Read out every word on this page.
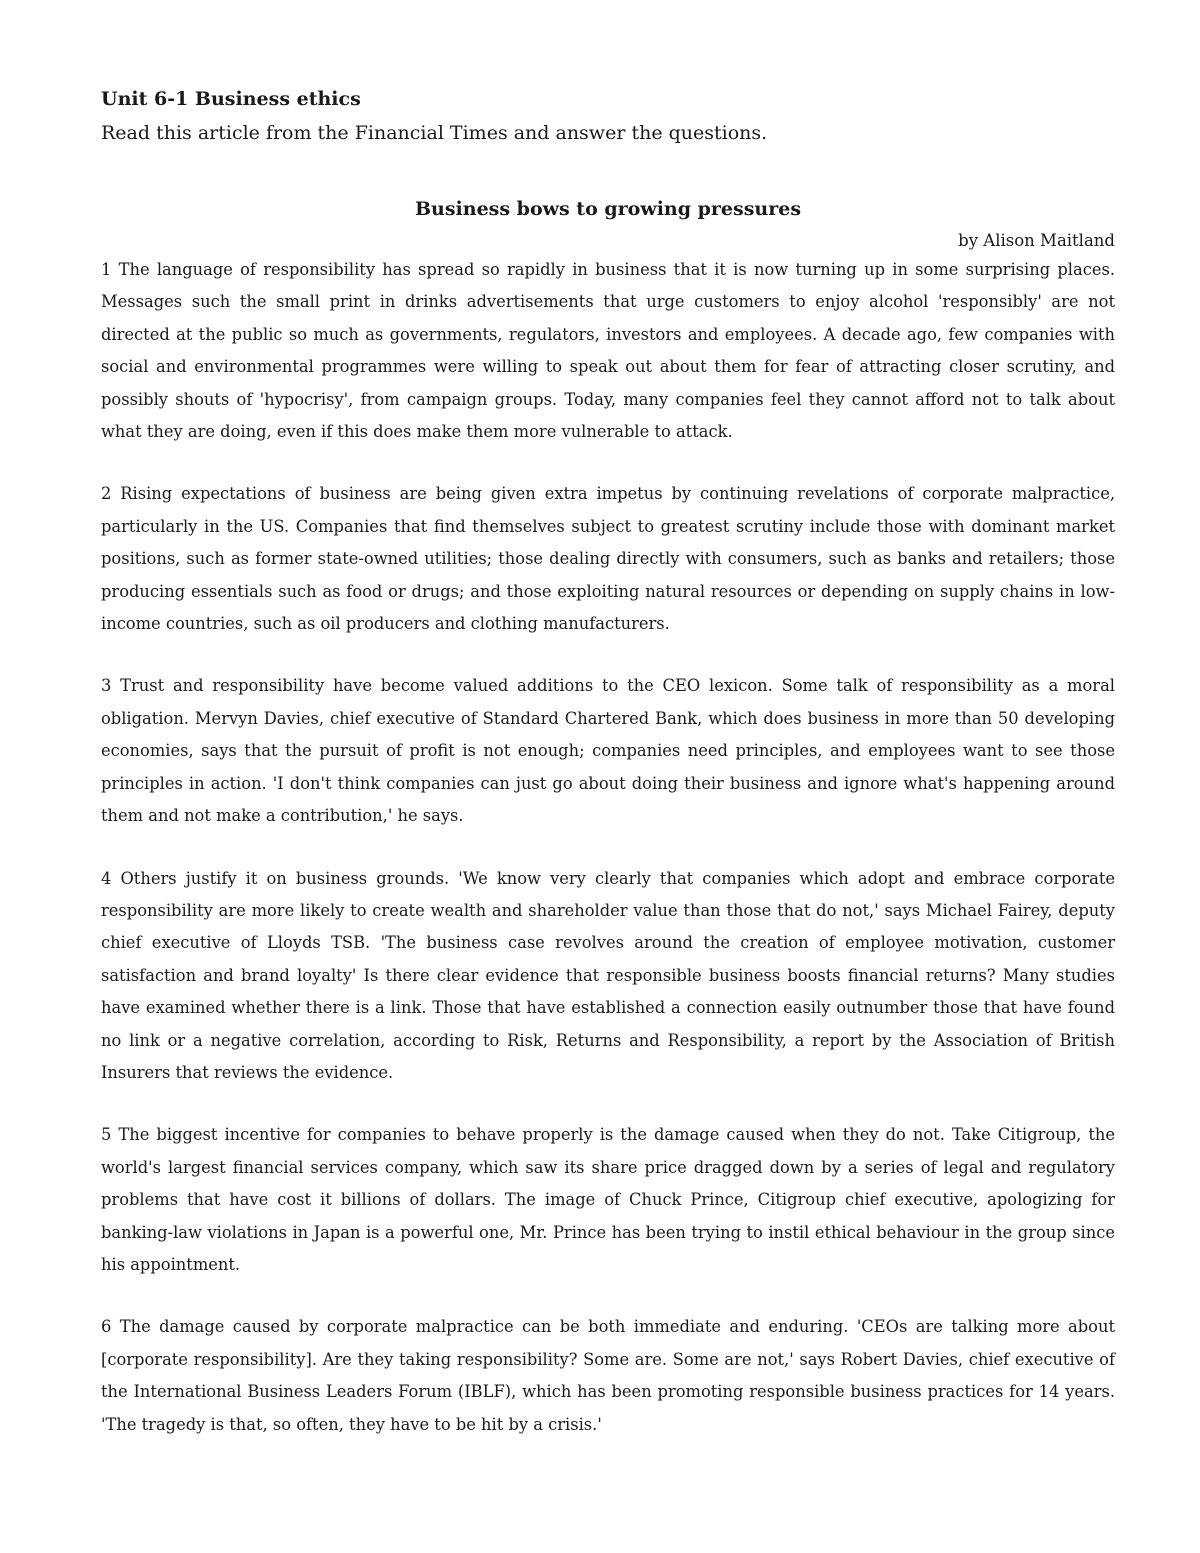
Unit 6-1 Business ethics

Read this article from the Financial Times and answer the questions.

Business bows to growing pressures

by Alison Maitland

1 The language of responsibility has spread so rapidly in business that it is now turning up in some surprising places. Messages such the small print in drinks advertisements that urge customers to enjoy alcohol 'responsibly' are not directed at the public so much as governments, regulators, investors and employees. A decade ago, few companies with social and environmental programmes were willing to speak out about them for fear of attracting closer scrutiny, and possibly shouts of 'hypocrisy', from campaign groups. Today, many companies feel they cannot afford not to talk about what they are doing, even if this does make them more vulnerable to attack.

2 Rising expectations of business are being given extra impetus by continuing revelations of corporate malpractice, particularly in the US. Companies that find themselves subject to greatest scrutiny include those with dominant market positions, such as former state-owned utilities; those dealing directly with consumers, such as banks and retailers; those producing essentials such as food or drugs; and those exploiting natural resources or depending on supply chains in low-income countries, such as oil producers and clothing manufacturers.

3 Trust and responsibility have become valued additions to the CEO lexicon. Some talk of responsibility as a moral obligation. Mervyn Davies, chief executive of Standard Chartered Bank, which does business in more than 50 developing economies, says that the pursuit of profit is not enough; companies need principles, and employees want to see those principles in action. 'I don't think companies can just go about doing their business and ignore what's happening around them and not make a contribution,' he says.

4 Others justify it on business grounds. 'We know very clearly that companies which adopt and embrace corporate responsibility are more likely to create wealth and shareholder value than those that do not,' says Michael Fairey, deputy chief executive of Lloyds TSB. 'The business case revolves around the creation of employee motivation, customer satisfaction and brand loyalty' Is there clear evidence that responsible business boosts financial returns? Many studies have examined whether there is a link. Those that have established a connection easily outnumber those that have found no link or a negative correlation, according to Risk, Returns and Responsibility, a report by the Association of British Insurers that reviews the evidence.

5 The biggest incentive for companies to behave properly is the damage caused when they do not. Take Citigroup, the world's largest financial services company, which saw its share price dragged down by a series of legal and regulatory problems that have cost it billions of dollars. The image of Chuck Prince, Citigroup chief executive, apologizing for banking-law violations in Japan is a powerful one, Mr. Prince has been trying to instil ethical behaviour in the group since his appointment.

6 The damage caused by corporate malpractice can be both immediate and enduring. 'CEOs are talking more about [corporate responsibility]. Are they taking responsibility? Some are. Some are not,' says Robert Davies, chief executive of the International Business Leaders Forum (IBLF), which has been promoting responsible business practices for 14 years. 'The tragedy is that, so often, they have to be hit by a crisis.'
